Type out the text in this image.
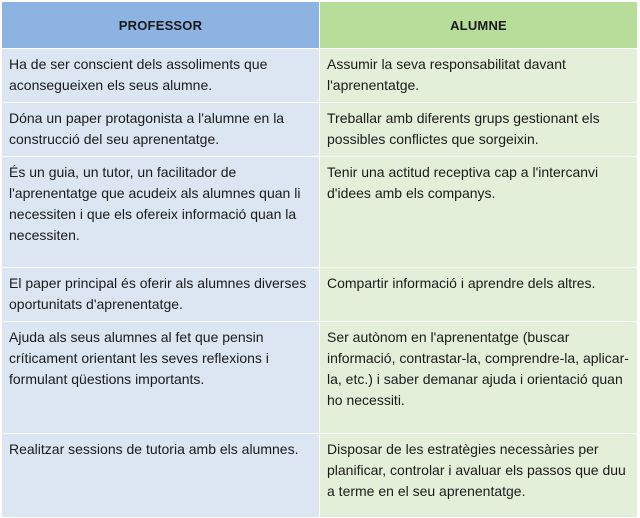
PROFESSOR	ALUMNE
Ha de ser conscient dels assoliments que aconsegueixen els seus alumne.	Assumir la seva responsabilitat davant l'aprenentatge.
Dóna un paper protagonista a l'alumne en la construcció del seu aprenentatge.	Treballar amb diferents grups gestionant els possibles conflictes que sorgeixin.
És un guia, un tutor, un facilitador de l'aprenentatge que acudeix als alumnes quan li necessiten i que els ofereix informació quan la necessiten.	Tenir una actitud receptiva cap a l'intercanvi d'idees amb els companys.
El paper principal és oferir als alumnes diverses oportunitats d'aprenentatge.	Compartir informació i aprendre dels altres.
Ajuda als seus alumnes al fet que pensin críticament orientant les seves reflexions i formulant qüestions importants.	Ser autònom en l'aprenentatge (buscar informació, contrastar-la, comprendre-la, aplicar-la, etc.) i saber demanar ajuda i orientació quan ho necessiti.
Realitzar sessions de tutoria amb els alumnes.	Disposar de les estratègies necessàries per planificar, controlar i avaluar els passos que duu a terme en el seu aprenentatge.
